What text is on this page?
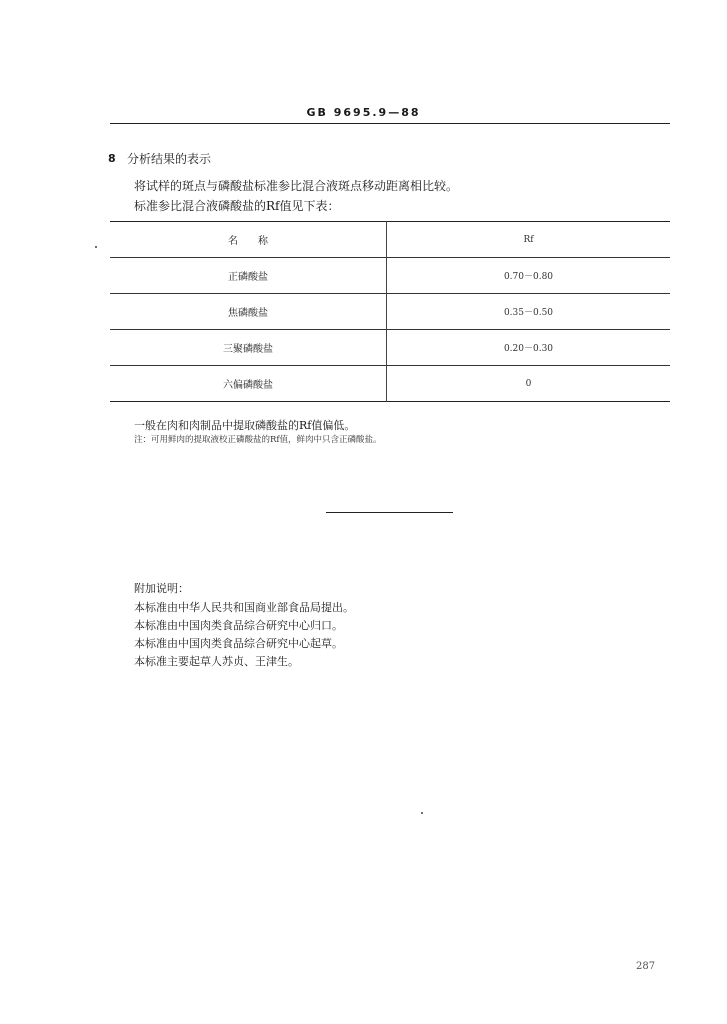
GB 9695.9—88
8 分析结果的表示
将试样的斑点与磷酸盐标准参比混合液斑点移动距离相比较。
标准参比混合液磷酸盐的Rf值见下表：
名　　称	Rf
正磷酸盐	0.70－0.80
焦磷酸盐	0.35－0.50
三聚磷酸盐	0.20－0.30
六偏磷酸盐	0
一般在肉和肉制品中提取磷酸盐的Rf值偏低。
注：可用鲜肉的提取液校正磷酸盐的Rf值，鲜肉中只含正磷酸盐。
附加说明：
本标准由中华人民共和国商业部食品局提出。
本标准由中国肉类食品综合研究中心归口。
本标准由中国肉类食品综合研究中心起草。
本标准主要起草人苏贞、王津生。
287
